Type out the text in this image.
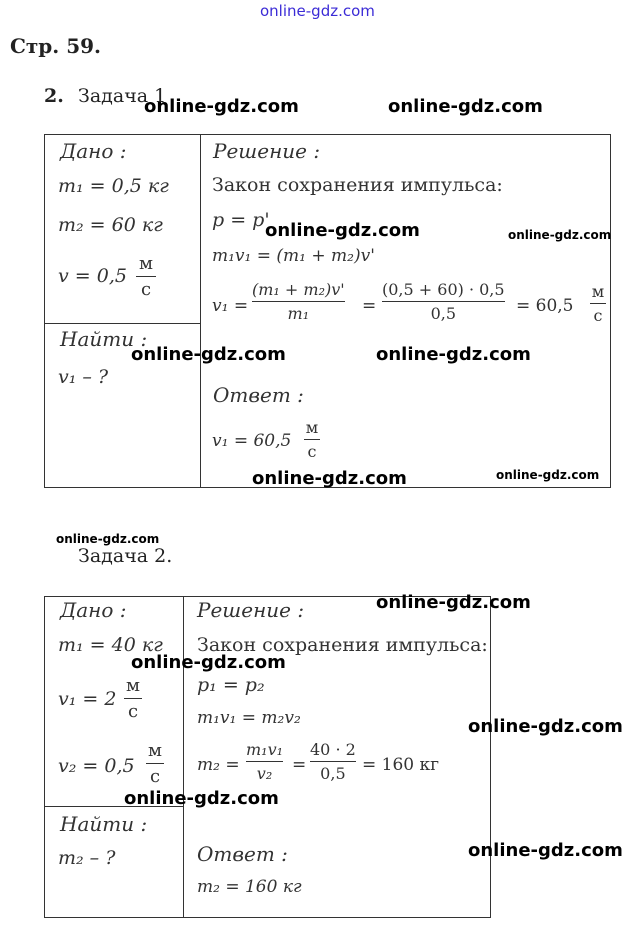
online-gdz.com
Стр. 59.
2. Задача 1
Дано :
m₁ = 0,5 кг
m₂ = 60 кг
v = 0,5
м
с
Найти :
v₁ – ?
Решение :
Закон сохранения импульса:
p = p'
m₁v₁ = (m₁ + m₂)v'
v₁ =
(m₁ + m₂)v'
m₁	=
(0,5 + 60) · 0,5
0,5	= 60,5
м
с
Ответ :
v₁ = 60,5
м
с
Задача 2.
Дано :
m₁ = 40 кг
v₁ = 2
м
с
v₂ = 0,5
м
с
Найти :
m₂ – ?
Решение :
Закон сохранения импульса:
p₁ = p₂
m₁v₁ = m₂v₂
m₂ =
m₁v₁
v₂ =
40 · 2
0,5 = 160 кг
Ответ :
m₂ = 160 кг
online-gdz.com	online-gdz.com
online-gdz.com	online-gdz.com
online-gdz.com	online-gdz.com
online-gdz.com	online-gdz.com
online-gdz.com
online-gdz.com
online-gdz.com
online-gdz.com
online-gdz.com
online-gdz.com
